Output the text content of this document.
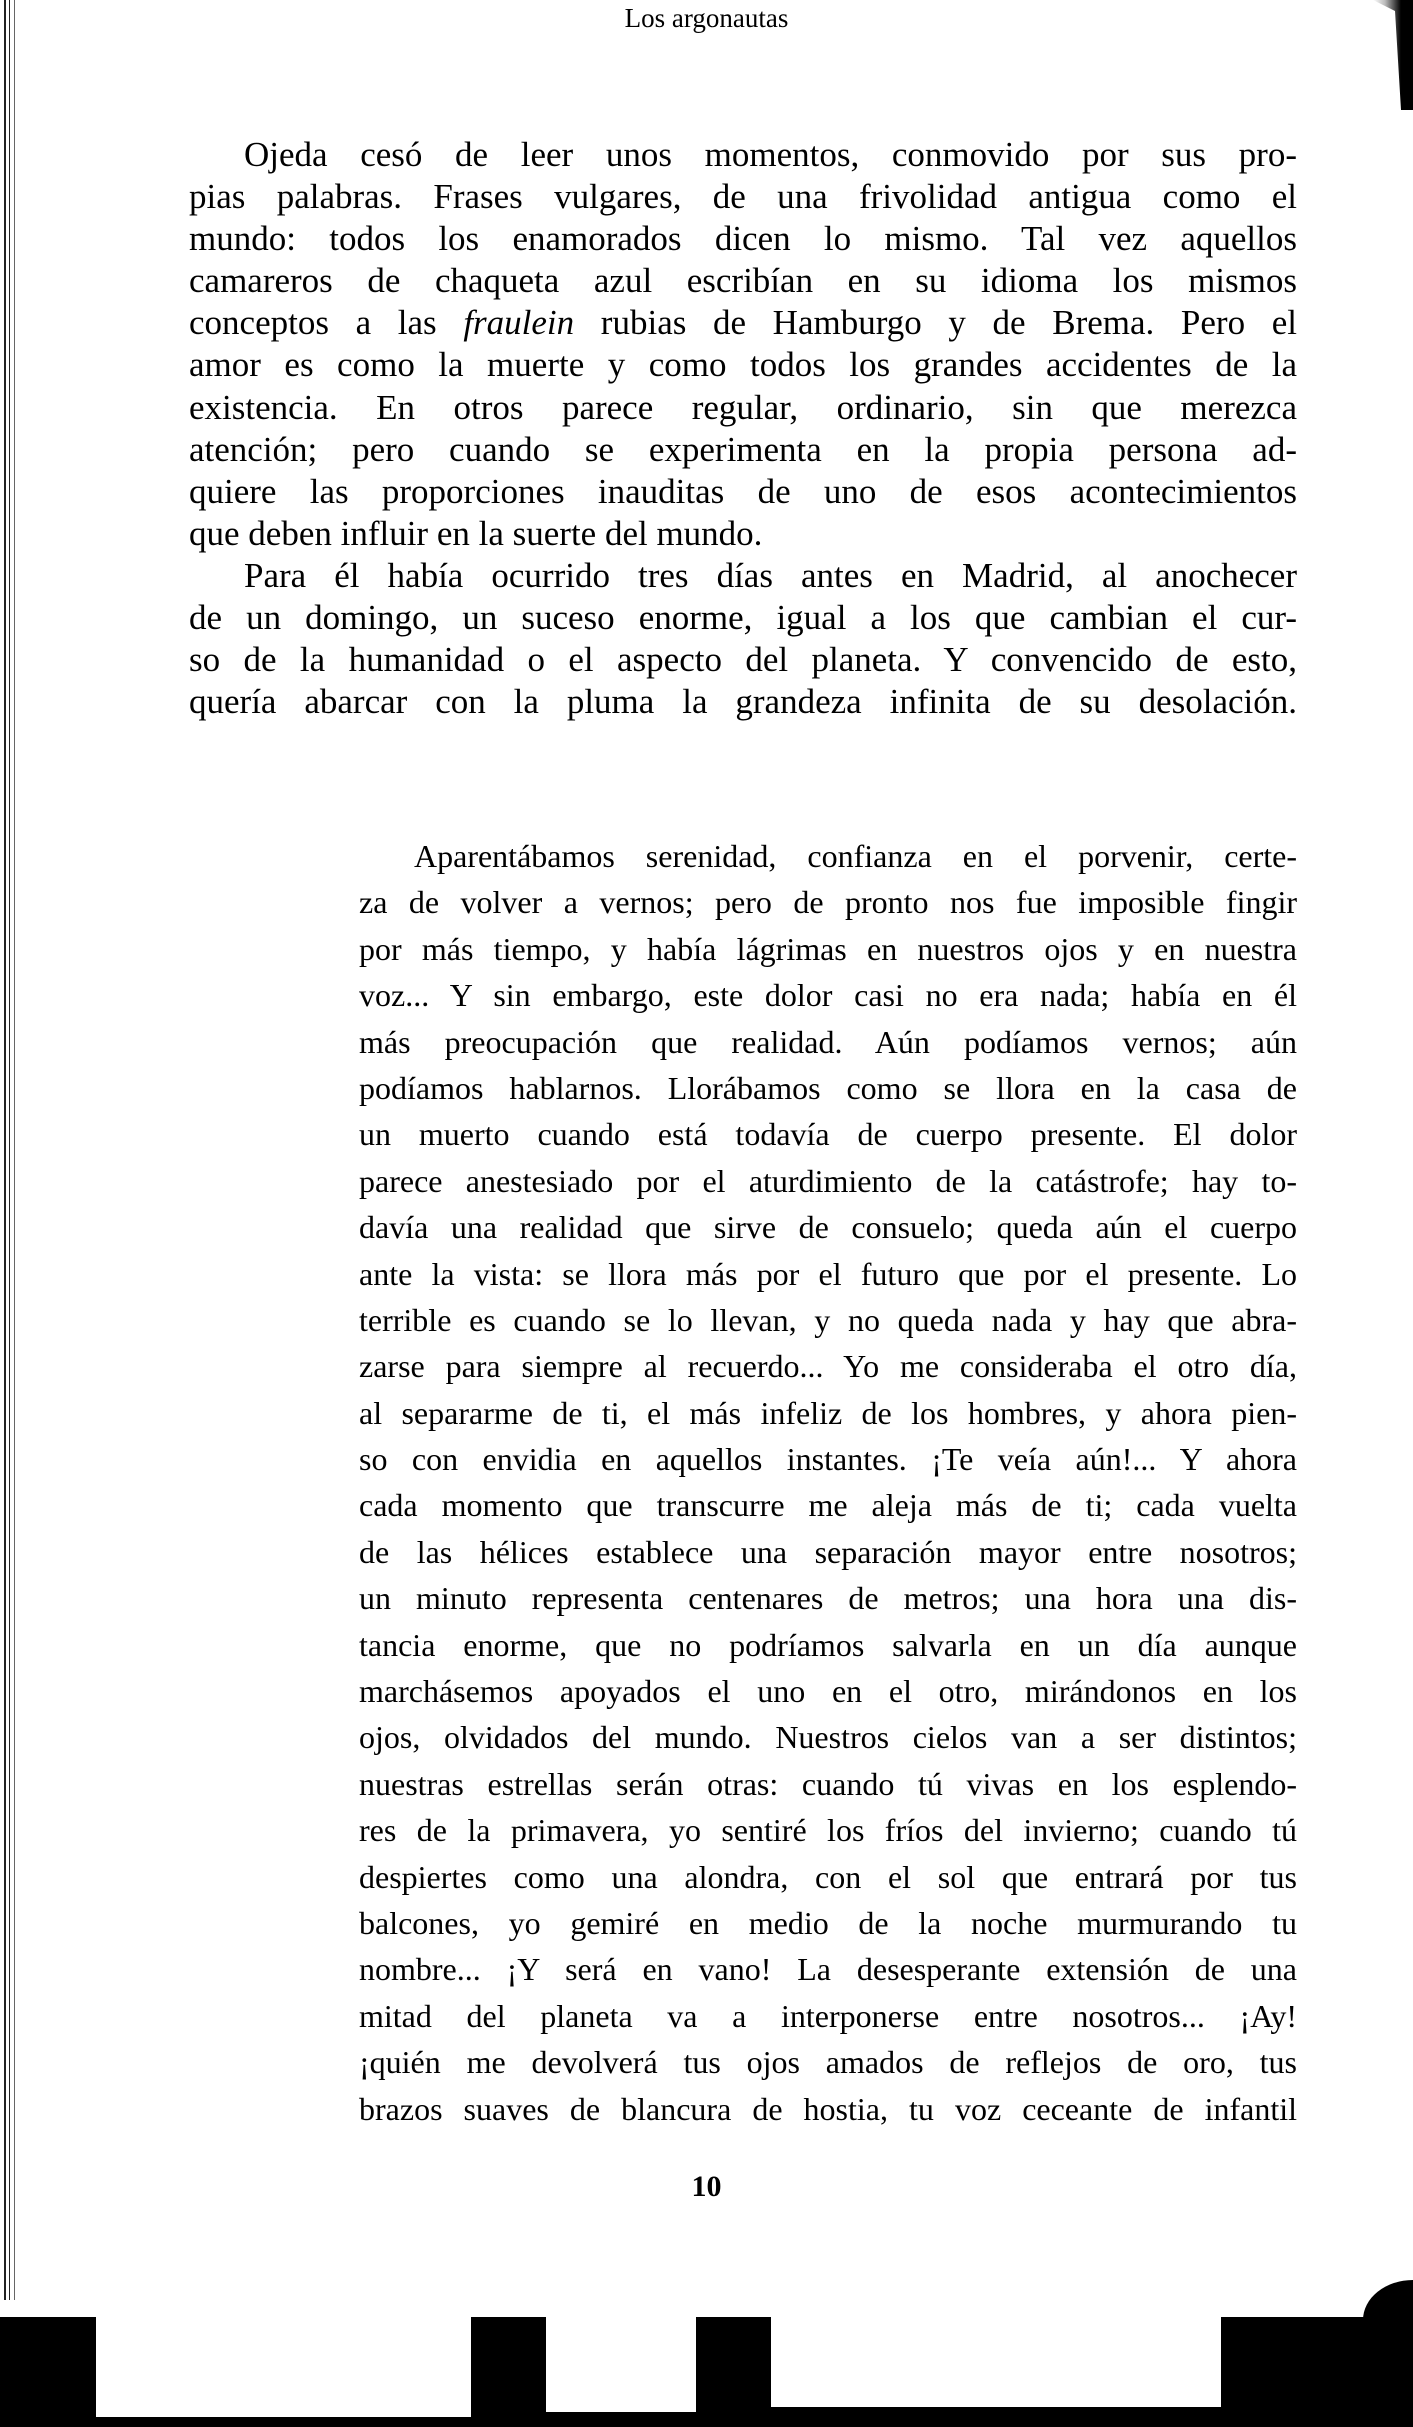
Los argonautas
Ojeda cesó de leer unos momentos, conmovido por sus pro-
pias palabras. Frases vulgares, de una frivolidad antigua como el
mundo: todos los enamorados dicen lo mismo. Tal vez aquellos
camareros de chaqueta azul escribían en su idioma los mismos
conceptos a las fraulein rubias de Hamburgo y de Brema. Pero el
amor es como la muerte y como todos los grandes accidentes de la
existencia. En otros parece regular, ordinario, sin que merezca
atención; pero cuando se experimenta en la propia persona ad-
quiere las proporciones inauditas de uno de esos acontecimientos
que deben influir en la suerte del mundo.
Para él había ocurrido tres días antes en Madrid, al anochecer
de un domingo, un suceso enorme, igual a los que cambian el cur-
so de la humanidad o el aspecto del planeta. Y convencido de esto,
quería abarcar con la pluma la grandeza infinita de su desolación.
Aparentábamos serenidad, confianza en el porvenir, certe-
za de volver a vernos; pero de pronto nos fue imposible fingir
por más tiempo, y había lágrimas en nuestros ojos y en nuestra
voz... Y sin embargo, este dolor casi no era nada; había en él
más preocupación que realidad. Aún podíamos vernos; aún
podíamos hablarnos. Llorábamos como se llora en la casa de
un muerto cuando está todavía de cuerpo presente. El dolor
parece anestesiado por el aturdimiento de la catástrofe; hay to-
davía una realidad que sirve de consuelo; queda aún el cuerpo
ante la vista: se llora más por el futuro que por el presente. Lo
terrible es cuando se lo llevan, y no queda nada y hay que abra-
zarse para siempre al recuerdo... Yo me consideraba el otro día,
al separarme de ti, el más infeliz de los hombres, y ahora pien-
so con envidia en aquellos instantes. ¡Te veía aún!... Y ahora
cada momento que transcurre me aleja más de ti; cada vuelta
de las hélices establece una separación mayor entre nosotros;
un minuto representa centenares de metros; una hora una dis-
tancia enorme, que no podríamos salvarla en un día aunque
marchásemos apoyados el uno en el otro, mirándonos en los
ojos, olvidados del mundo. Nuestros cielos van a ser distintos;
nuestras estrellas serán otras: cuando tú vivas en los esplendo-
res de la primavera, yo sentiré los fríos del invierno; cuando tú
despiertes como una alondra, con el sol que entrará por tus
balcones, yo gemiré en medio de la noche murmurando tu
nombre... ¡Y será en vano! La desesperante extensión de una
mitad del planeta va a interponerse entre nosotros... ¡Ay!
¡quién me devolverá tus ojos amados de reflejos de oro, tus
brazos suaves de blancura de hostia, tu voz ceceante de infantil
10
